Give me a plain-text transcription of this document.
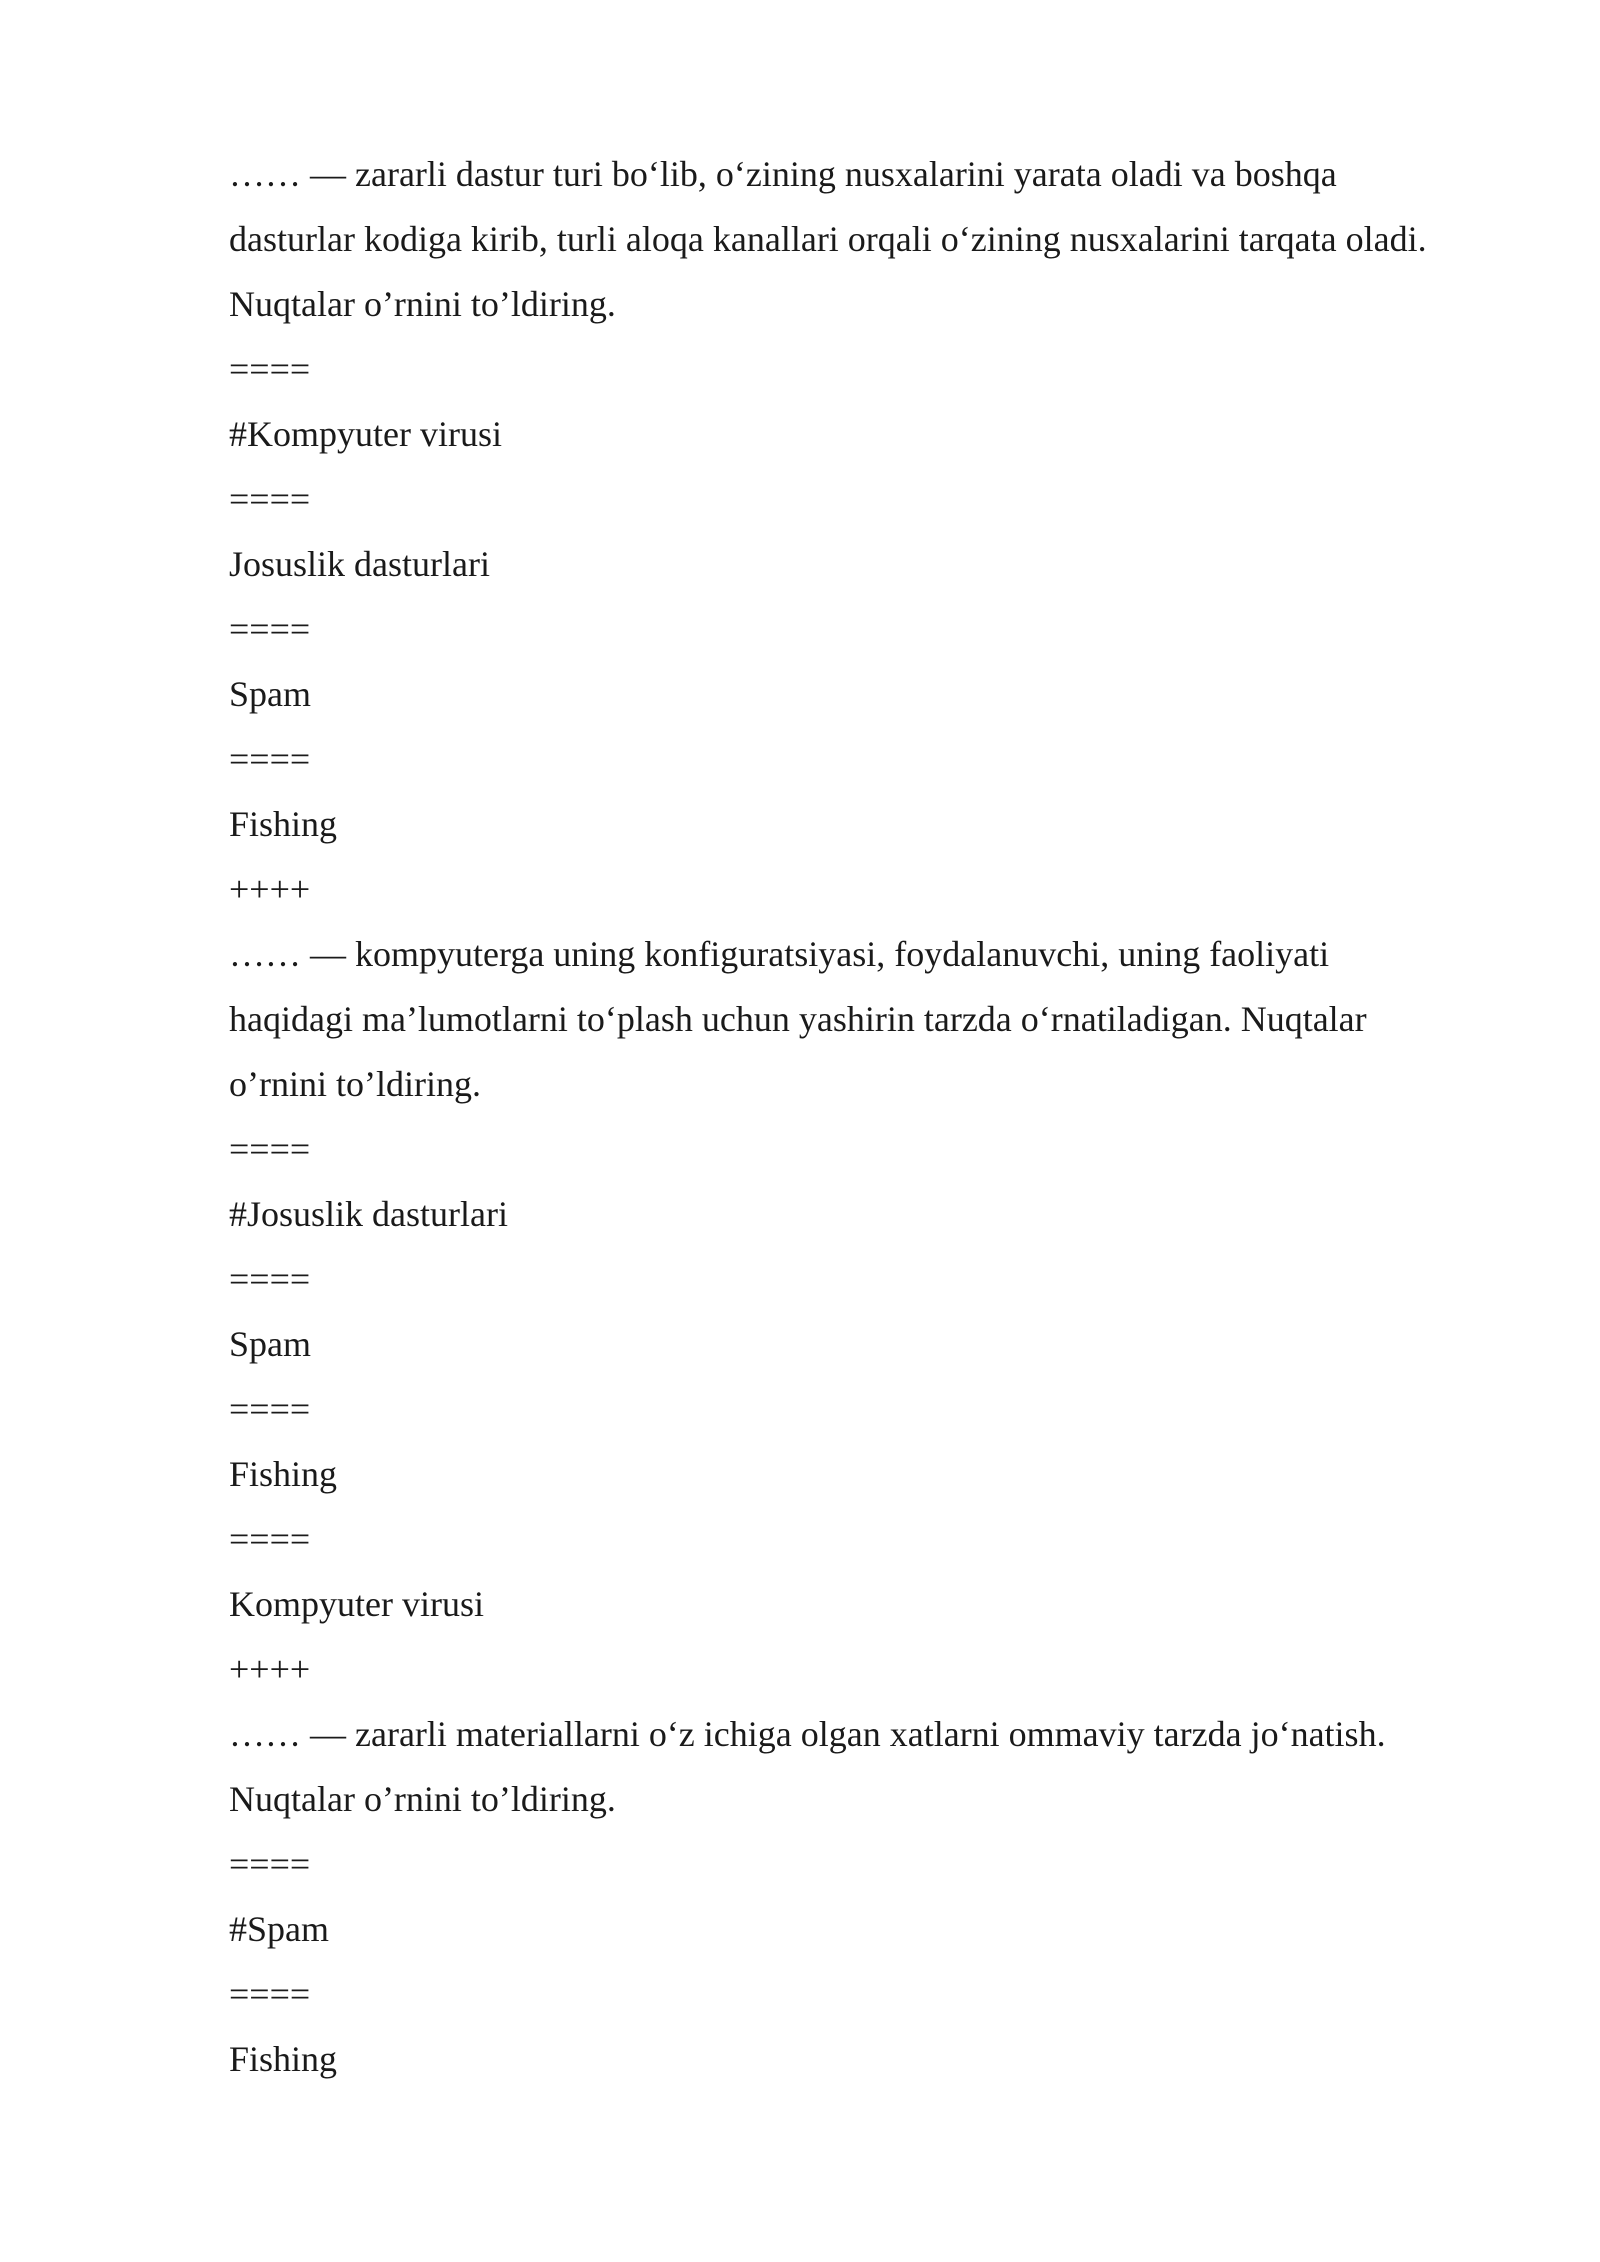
…… — zararli dastur turi bo‘lib, o‘zining nusxalarini yarata oladi va boshqa

dasturlar kodiga kirib, turli aloqa kanallari orqali o‘zining nusxalarini tarqata oladi.

Nuqtalar o’rnini to’ldiring.

====

#Kompyuter virusi

====

Josuslik dasturlari

====

Spam

====

Fishing

++++

…… — kompyuterga uning konfiguratsiyasi, foydalanuvchi, uning faoliyati

haqidagi ma’lumotlarni to‘plash uchun yashirin tarzda o‘rnatiladigan. Nuqtalar

o’rnini to’ldiring.

====

#Josuslik dasturlari

====

Spam

====

Fishing

====

Kompyuter virusi

++++

…… — zararli materiallarni o‘z ichiga olgan xatlarni ommaviy tarzda jo‘natish.

Nuqtalar o’rnini to’ldiring.

====

#Spam

====

Fishing
